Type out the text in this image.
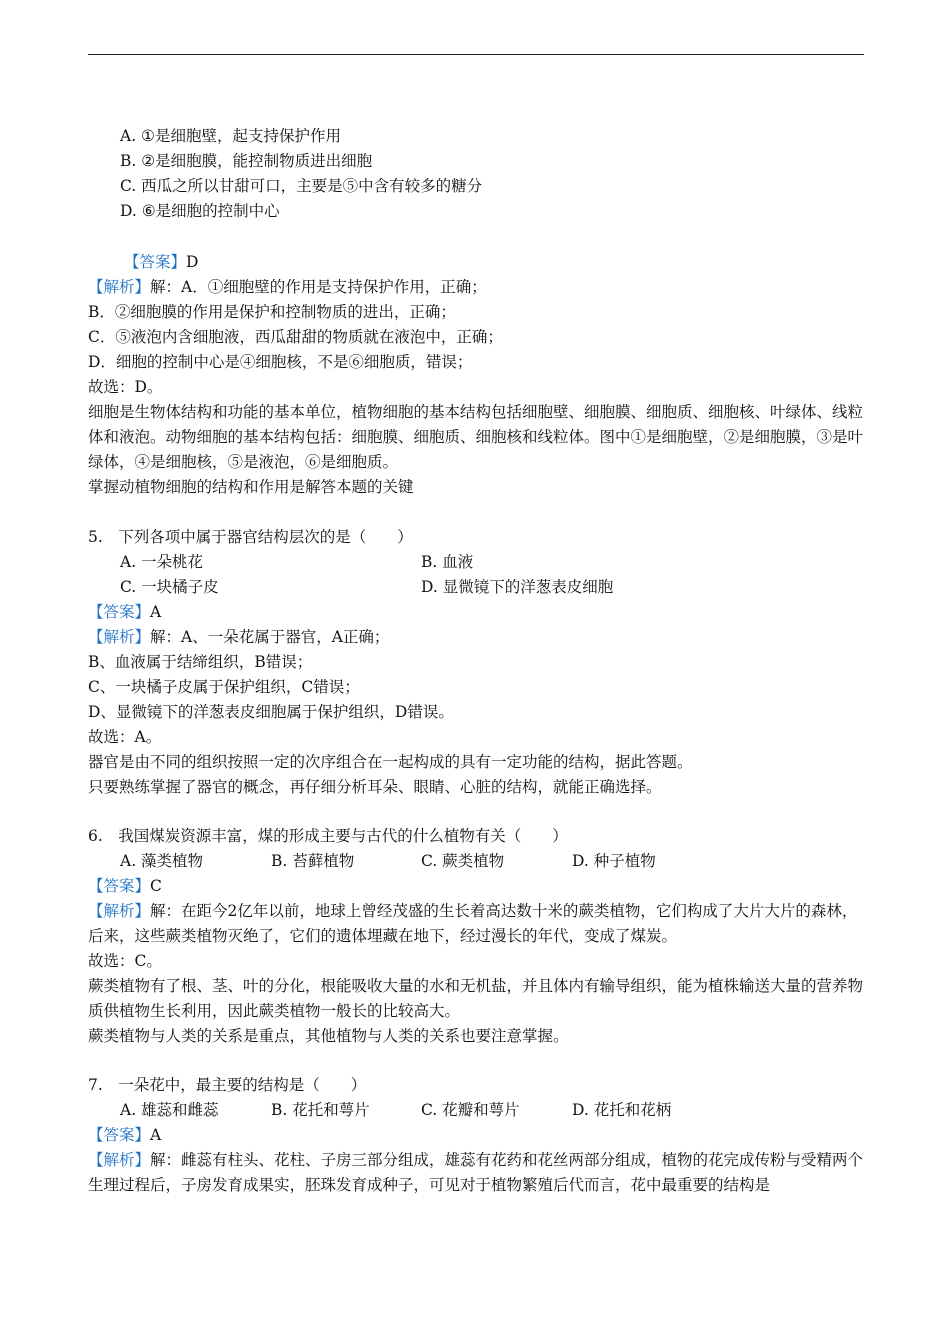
A. ①是细胞壁，起支持保护作用
B. ②是细胞膜，能控制物质进出细胞
C. 西瓜之所以甘甜可口，主要是⑤中含有较多的糖分
D. ⑥是细胞的控制中心
【答案】D
【解析】解：A．①细胞壁的作用是支持保护作用，正确；
B．②细胞膜的作用是保护和控制物质的进出，正确；
C．⑤液泡内含细胞液，西瓜甜甜的物质就在液泡中，正确；
D．细胞的控制中心是④细胞核，不是⑥细胞质，错误；
故选：D。
细胞是生物体结构和功能的基本单位，植物细胞的基本结构包括细胞壁、细胞膜、细胞质、细胞核、叶绿体、线粒体和液泡。动物细胞的基本结构包括：细胞膜、细胞质、细胞核和线粒体。图中①是细胞壁，②是细胞膜，③是叶绿体，④是细胞核，⑤是液泡，⑥是细胞质。
掌握动植物细胞的结构和作用是解答本题的关键
5.　下列各项中属于器官结构层次的是（　　）
A. 一朵桃花	B. 血液
C. 一块橘子皮	D. 显微镜下的洋葱表皮细胞
【答案】A
【解析】解：A、一朵花属于器官，A正确；
B、血液属于结缔组织，B错误；
C、一块橘子皮属于保护组织，C错误；
D、显微镜下的洋葱表皮细胞属于保护组织，D错误。
故选：A。
器官是由不同的组织按照一定的次序组合在一起构成的具有一定功能的结构，据此答题。
只要熟练掌握了器官的概念，再仔细分析耳朵、眼睛、心脏的结构，就能正确选择。
6.　我国煤炭资源丰富，煤的形成主要与古代的什么植物有关（　　）
A. 藻类植物	B. 苔藓植物	C. 蕨类植物	D. 种子植物
【答案】C
【解析】解：在距今2亿年以前，地球上曾经茂盛的生长着高达数十米的蕨类植物，它们构成了大片大片的森林，后来，这些蕨类植物灭绝了，它们的遗体埋藏在地下，经过漫长的年代，变成了煤炭。
故选：C。
蕨类植物有了根、茎、叶的分化，根能吸收大量的水和无机盐，并且体内有输导组织，能为植株输送大量的营养物质供植物生长利用，因此蕨类植物一般长的比较高大。
蕨类植物与人类的关系是重点，其他植物与人类的关系也要注意掌握。
7.　一朵花中，最主要的结构是（　　）
A. 雄蕊和雌蕊	B. 花托和萼片	C. 花瓣和萼片	D. 花托和花柄
【答案】A
【解析】解：雌蕊有柱头、花柱、子房三部分组成，雄蕊有花药和花丝两部分组成，植物的花完成传粉与受精两个生理过程后，子房发育成果实，胚珠发育成种子，可见对于植物繁殖后代而言，花中最重要的结构是
